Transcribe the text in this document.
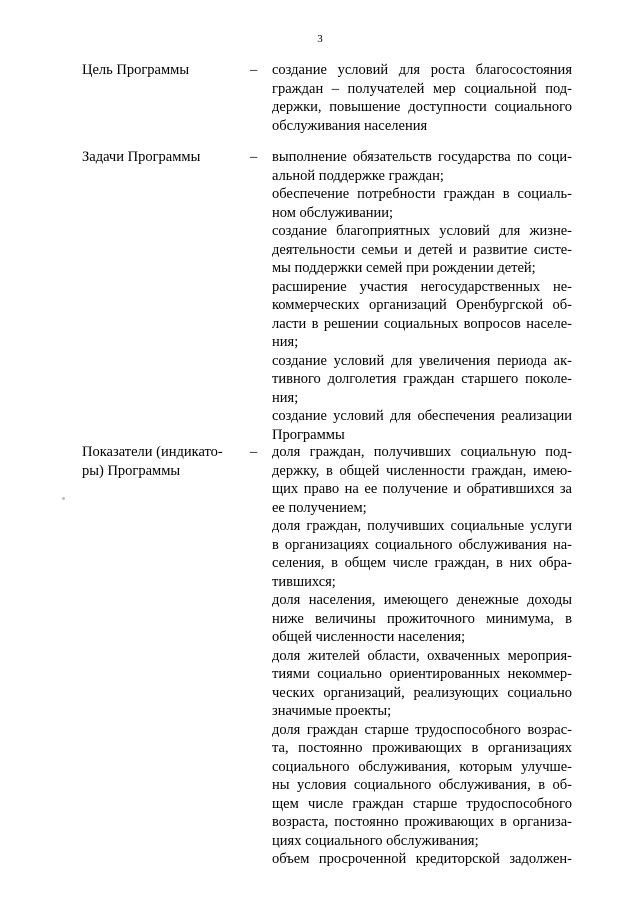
3
Цель Программы	– создание условий для роста благосостояния
граждан – получателей мер социальной под-
держки, повышение доступности социального
обслуживания населения
Задачи Программы	– выполнение обязательств государства по соци-
альной поддержке граждан;
обеспечение потребности граждан в социаль-
ном обслуживании;
создание благоприятных условий для жизне-
деятельности семьи и детей и развитие систе-
мы поддержки семей при рождении детей;
расширение участия негосударственных не-
коммерческих организаций Оренбургской об-
ласти в решении социальных вопросов населе-
ния;
создание условий для увеличения периода ак-
тивного долголетия граждан старшего поколе-
ния;
создание условий для обеспечения реализации
Программы
Показатели (индикато-
ры) Программы
– доля граждан, получивших социальную под-
держку, в общей численности граждан, имею-
щих право на ее получение и обратившихся за
ее получением;
доля граждан, получивших социальные услуги
в организациях социального обслуживания на-
селения, в общем числе граждан, в них обра-
тившихся;
доля населения, имеющего денежные доходы
ниже величины прожиточного минимума, в
общей численности населения;
доля жителей области, охваченных мероприя-
тиями социально ориентированных некоммер-
ческих организаций, реализующих социально
значимые проекты;
доля граждан старше трудоспособного возрас-
та, постоянно проживающих в организациях
социального обслуживания, которым улучше-
ны условия социального обслуживания, в об-
щем числе граждан старше трудоспособного
возраста, постоянно проживающих в организа-
циях социального обслуживания;
объем просроченной кредиторской задолжен-
